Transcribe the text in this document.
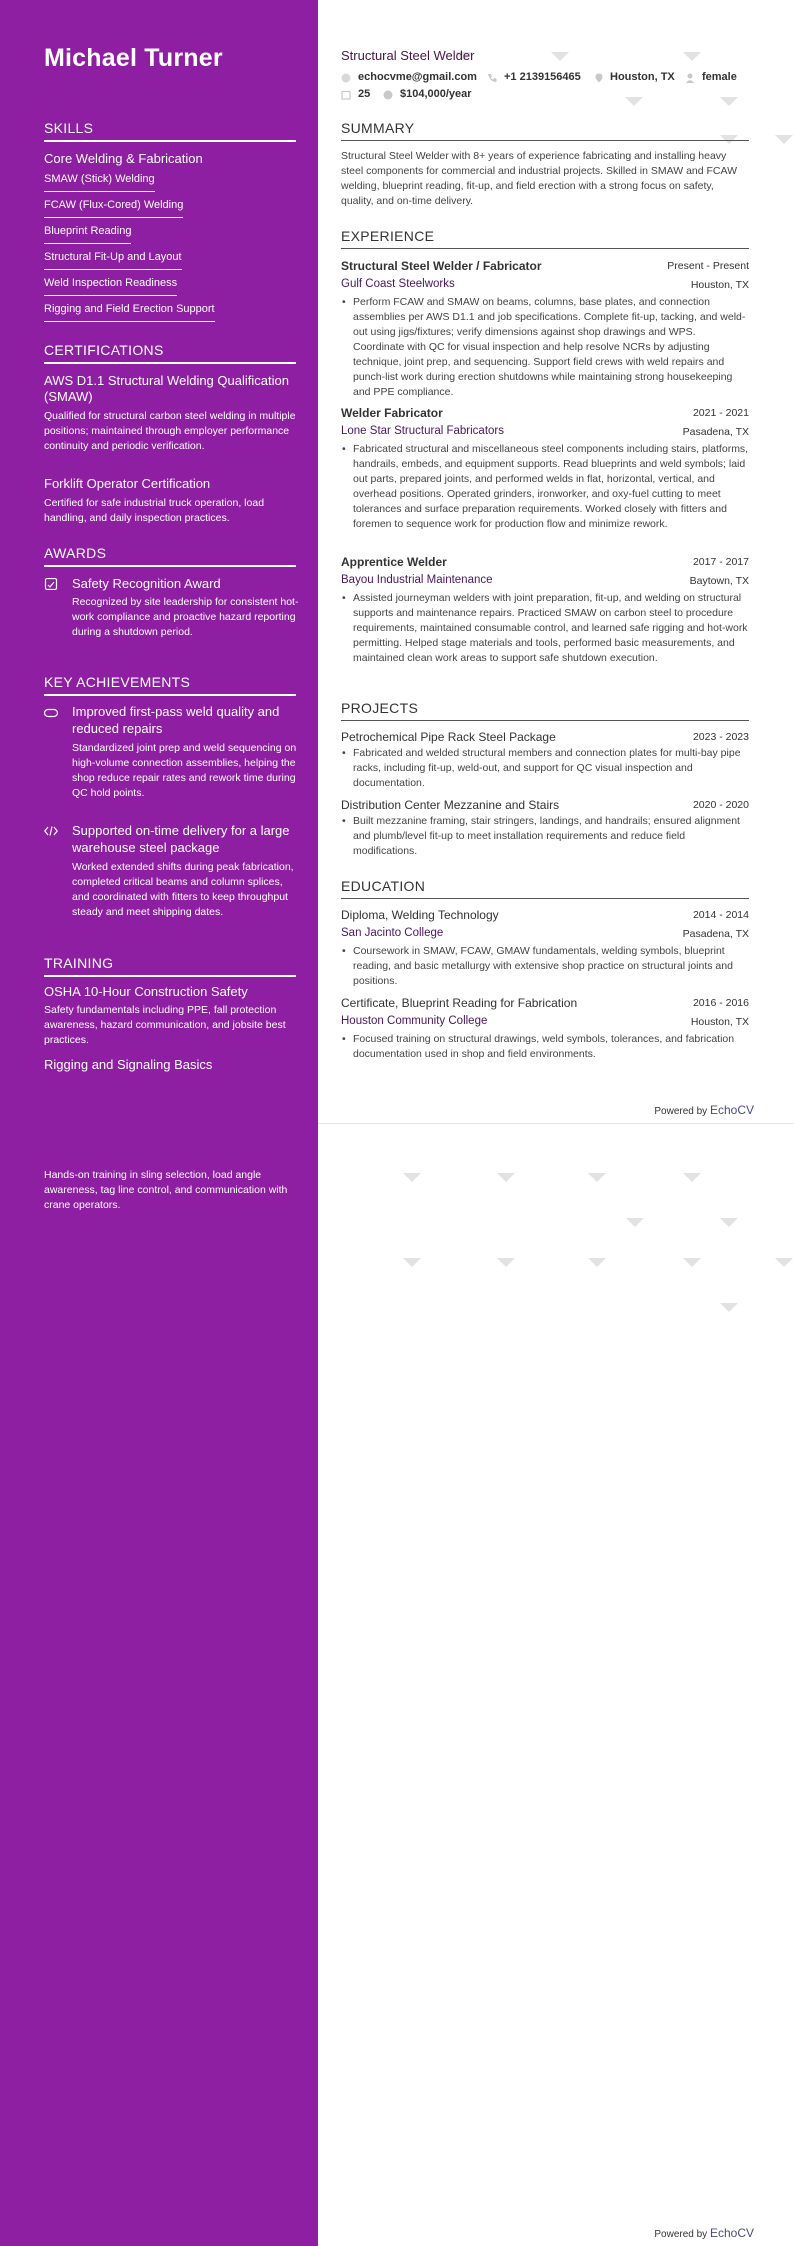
Michael Turner
SKILLS
Core Welding & Fabrication
SMAW (Stick) Welding
FCAW (Flux-Cored) Welding
Blueprint Reading
Structural Fit-Up and Layout
Weld Inspection Readiness
Rigging and Field Erection Support
CERTIFICATIONS
AWS D1.1 Structural Welding Qualification (SMAW)
Qualified for structural carbon steel welding in multiple positions; maintained through employer performance continuity and periodic verification.
Forklift Operator Certification
Certified for safe industrial truck operation, load handling, and daily inspection practices.
AWARDS
Safety Recognition Award
Recognized by site leadership for consistent hot-work compliance and proactive hazard reporting during a shutdown period.
KEY ACHIEVEMENTS
Improved first-pass weld quality and reduced repairs
Standardized joint prep and weld sequencing on high-volume connection assemblies, helping the shop reduce repair rates and rework time during QC hold points.
Supported on-time delivery for a large warehouse steel package
Worked extended shifts during peak fabrication, completed critical beams and column splices, and coordinated with fitters to keep throughput steady and meet shipping dates.
TRAINING
OSHA 10-Hour Construction Safety
Safety fundamentals including PPE, fall protection awareness, hazard communication, and jobsite best practices.
Rigging and Signaling Basics
Hands-on training in sling selection, load angle awareness, tag line control, and communication with crane operators.
Structural Steel Welder
echocvme@gmail.com +1 2139156465	Houston, TX female
25	$104,000/year
SUMMARY
Structural Steel Welder with 8+ years of experience fabricating and installing heavy steel components for commercial and industrial projects. Skilled in SMAW and FCAW welding, blueprint reading, fit-up, and field erection with a strong focus on safety, quality, and on-time delivery.
EXPERIENCE
Structural Steel Welder / Fabricator	Present - Present
Gulf Coast Steelworks	Houston, TX
• Perform FCAW and SMAW on beams, columns, base plates, and connection assemblies per AWS D1.1 and job specifications. Complete fit-up, tacking, and weld-out using jigs/fixtures; verify dimensions against shop drawings and WPS. Coordinate with QC for visual inspection and help resolve NCRs by adjusting technique, joint prep, and sequencing. Support field crews with weld repairs and punch-list work during erection shutdowns while maintaining strong housekeeping and PPE compliance.
Welder Fabricator	2021 - 2021
Lone Star Structural Fabricators	Pasadena, TX
• Fabricated structural and miscellaneous steel components including stairs, platforms, handrails, embeds, and equipment supports. Read blueprints and weld symbols; laid out parts, prepared joints, and performed welds in flat, horizontal, vertical, and overhead positions. Operated grinders, ironworker, and oxy-fuel cutting to meet tolerances and surface preparation requirements. Worked closely with fitters and foremen to sequence work for production flow and minimize rework.
Apprentice Welder	2017 - 2017
Bayou Industrial Maintenance	Baytown, TX
• Assisted journeyman welders with joint preparation, fit-up, and welding on structural supports and maintenance repairs. Practiced SMAW on carbon steel to procedure requirements, maintained consumable control, and learned safe rigging and hot-work permitting. Helped stage materials and tools, performed basic measurements, and maintained clean work areas to support safe shutdown execution.
PROJECTS
Petrochemical Pipe Rack Steel Package	2023 - 2023
• Fabricated and welded structural members and connection plates for multi-bay pipe racks, including fit-up, weld-out, and support for QC visual inspection and documentation.
Distribution Center Mezzanine and Stairs	2020 - 2020
• Built mezzanine framing, stair stringers, landings, and handrails; ensured alignment and plumb/level fit-up to meet installation requirements and reduce field modifications.
EDUCATION
Diploma, Welding Technology	2014 - 2014
San Jacinto College	Pasadena, TX
• Coursework in SMAW, FCAW, GMAW fundamentals, welding symbols, blueprint reading, and basic metallurgy with extensive shop practice on structural joints and positions.
Certificate, Blueprint Reading for Fabrication	2016 - 2016
Houston Community College	Houston, TX
• Focused training on structural drawings, weld symbols, tolerances, and fabrication documentation used in shop and field environments.
Powered by EchoCV
Powered by EchoCV
